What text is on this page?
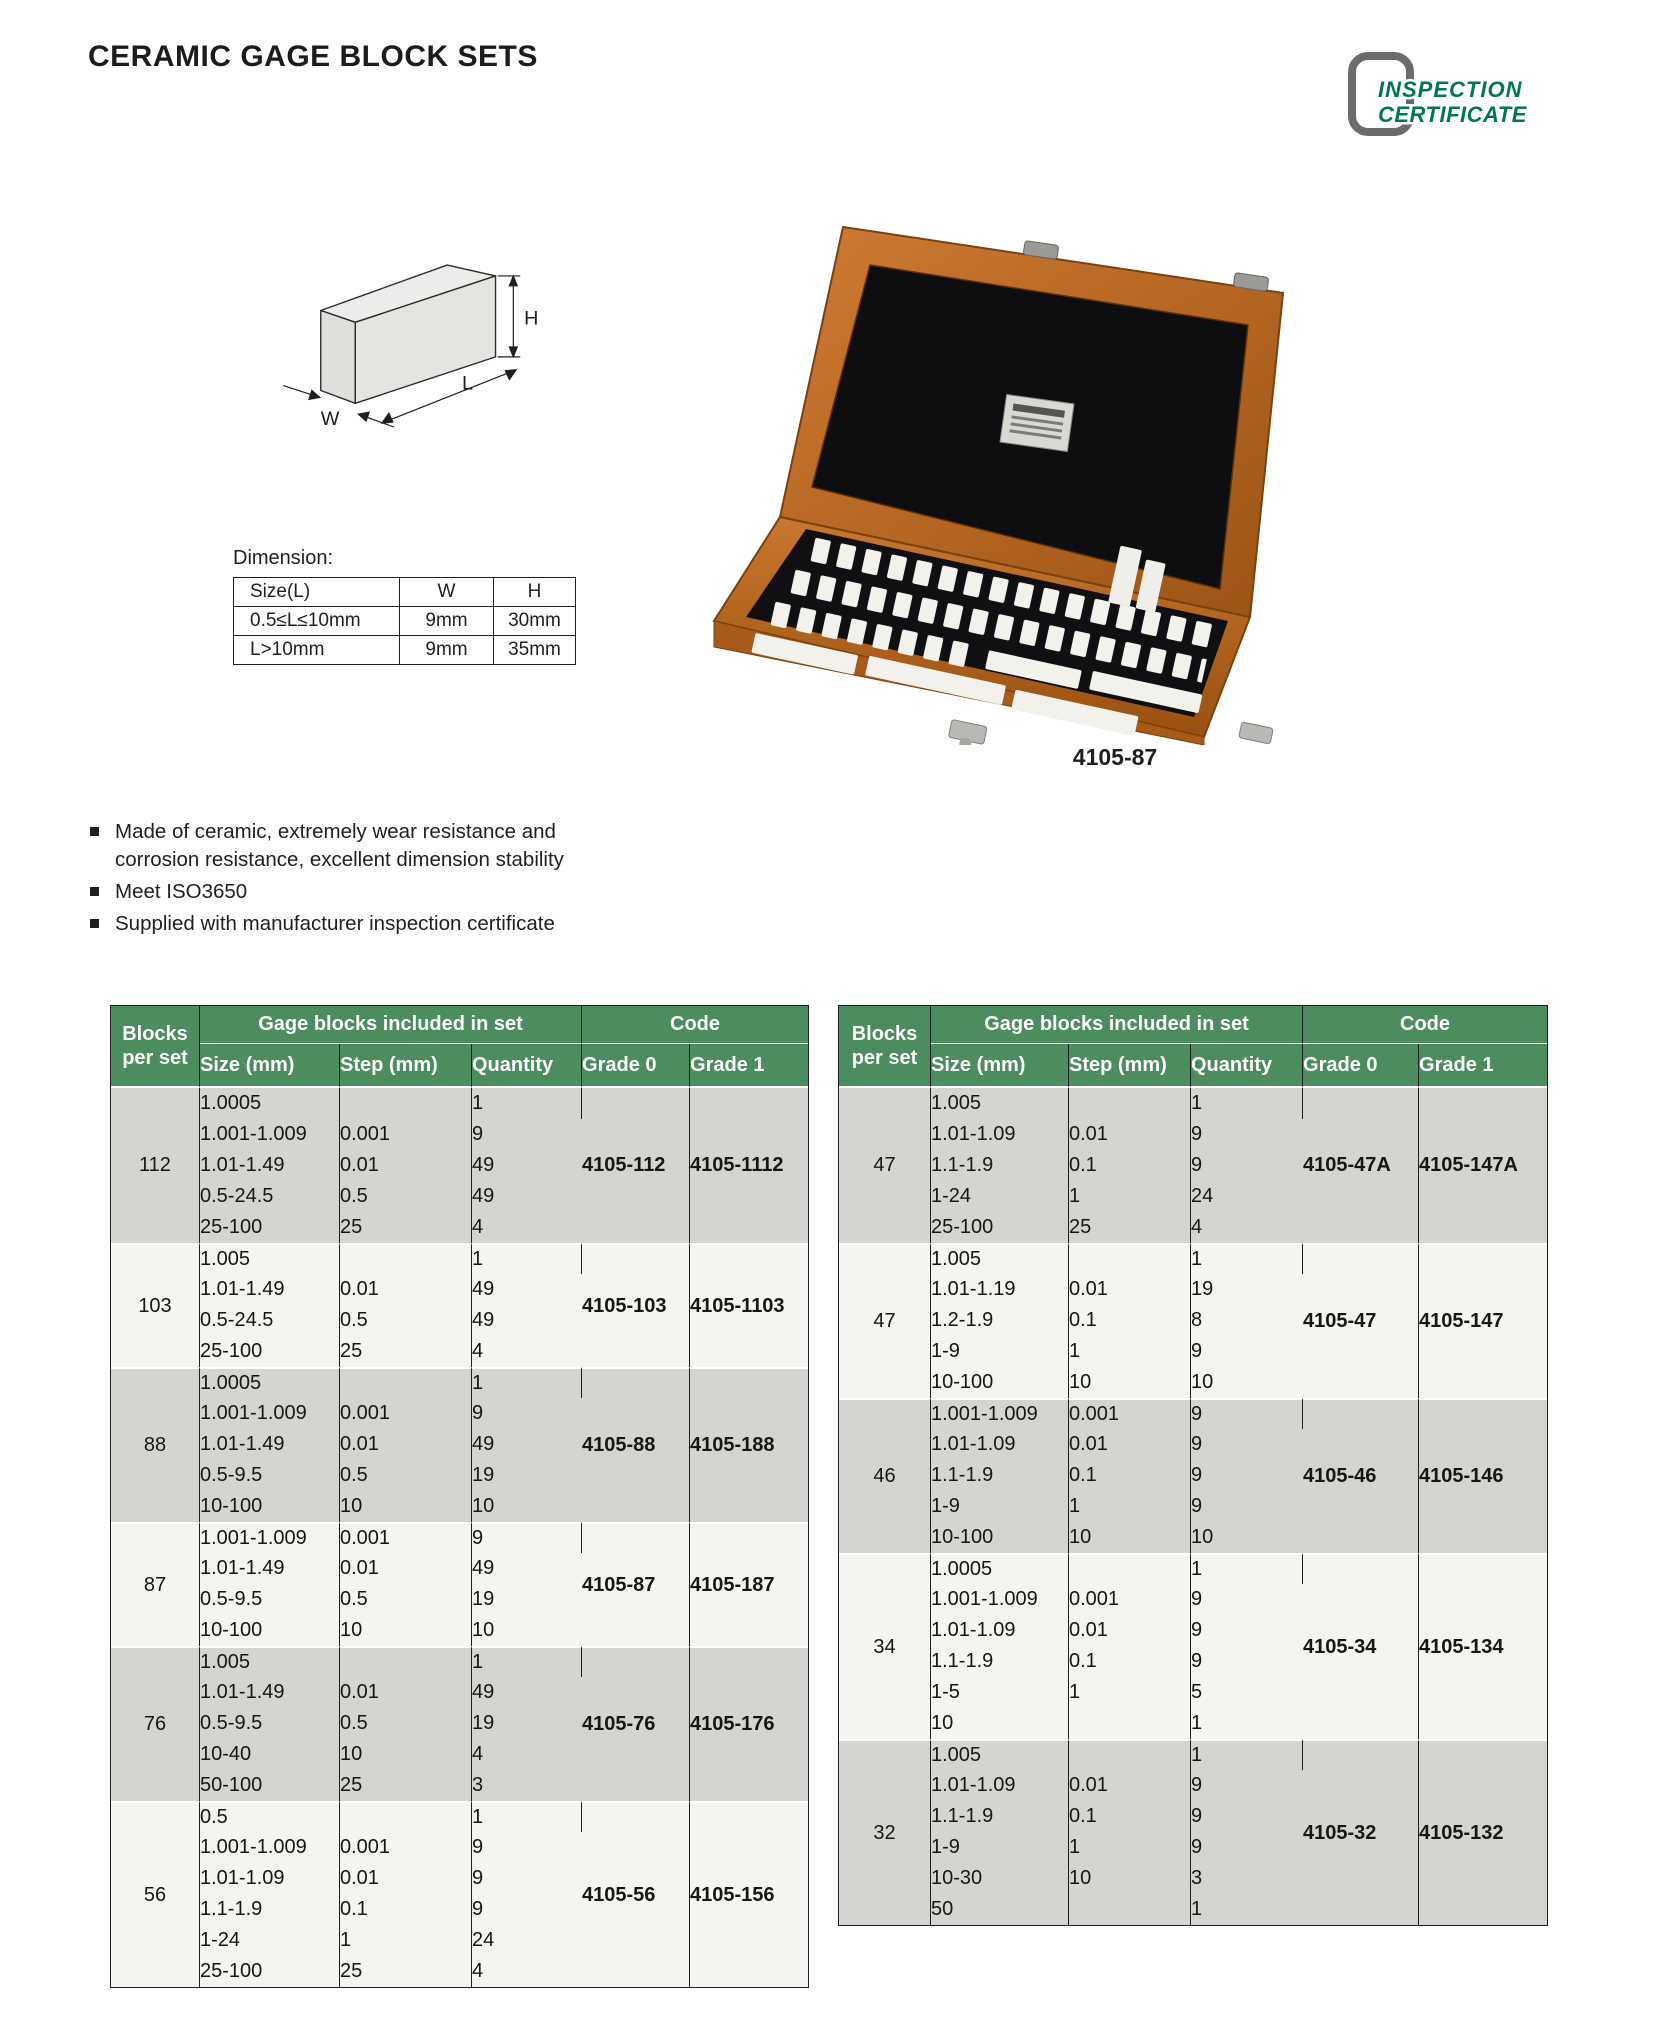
CERAMIC GAGE BLOCK SETS
INSPECTION
CERTIFICATE
H
L
W
Dimension:
Size(L)	W	H
0.5≤L≤10mm	9mm	30mm
L>10mm	9mm	35mm
4105-87
Made of ceramic, extremely wear resistance and corrosion resistance, excellent dimension stability
Meet ISO3650
Supplied with manufacturer inspection certificate
Blocks per set	Gage blocks included in set			Code	
	Size (mm)	Step (mm)	Quantity	Grade 0	Grade 1
112	1.0005		1	4105-112	4105-1112
	1.001-1.009	0.001	9		
	1.01-1.49	0.01	49		
	0.5-24.5	0.5	49		
	25-100	25	4		
103	1.005		1	4105-103	4105-1103
	1.01-1.49	0.01	49		
	0.5-24.5	0.5	49		
	25-100	25	4		
88	1.0005		1	4105-88	4105-188
	1.001-1.009	0.001	9		
	1.01-1.49	0.01	49		
	0.5-9.5	0.5	19		
	10-100	10	10		
87	1.001-1.009	0.001	9	4105-87	4105-187
	1.01-1.49	0.01	49		
	0.5-9.5	0.5	19		
	10-100	10	10		
76	1.005		1	4105-76	4105-176
	1.01-1.49	0.01	49		
	0.5-9.5	0.5	19		
	10-40	10	4		
	50-100	25	3		
56	0.5		1	4105-56	4105-156
	1.001-1.009	0.001	9		
	1.01-1.09	0.01	9		
	1.1-1.9	0.1	9		
	1-24	1	24		
	25-100	25	4		
Blocks per set	Gage blocks included in set			Code	
	Size (mm)	Step (mm)	Quantity	Grade 0	Grade 1
47	1.005		1	4105-47A	4105-147A
	1.01-1.09	0.01	9		
	1.1-1.9	0.1	9		
	1-24	1	24		
	25-100	25	4		
47	1.005		1	4105-47	4105-147
	1.01-1.19	0.01	19		
	1.2-1.9	0.1	8		
	1-9	1	9		
	10-100	10	10		
46	1.001-1.009	0.001	9	4105-46	4105-146
	1.01-1.09	0.01	9		
	1.1-1.9	0.1	9		
	1-9	1	9		
	10-100	10	10		
34	1.0005		1	4105-34	4105-134
	1.001-1.009	0.001	9		
	1.01-1.09	0.01	9		
	1.1-1.9	0.1	9		
	1-5	1	5		
	10		1		
32	1.005		1	4105-32	4105-132
	1.01-1.09	0.01	9		
	1.1-1.9	0.1	9		
	1-9	1	9		
	10-30	10	3		
	50		1		
